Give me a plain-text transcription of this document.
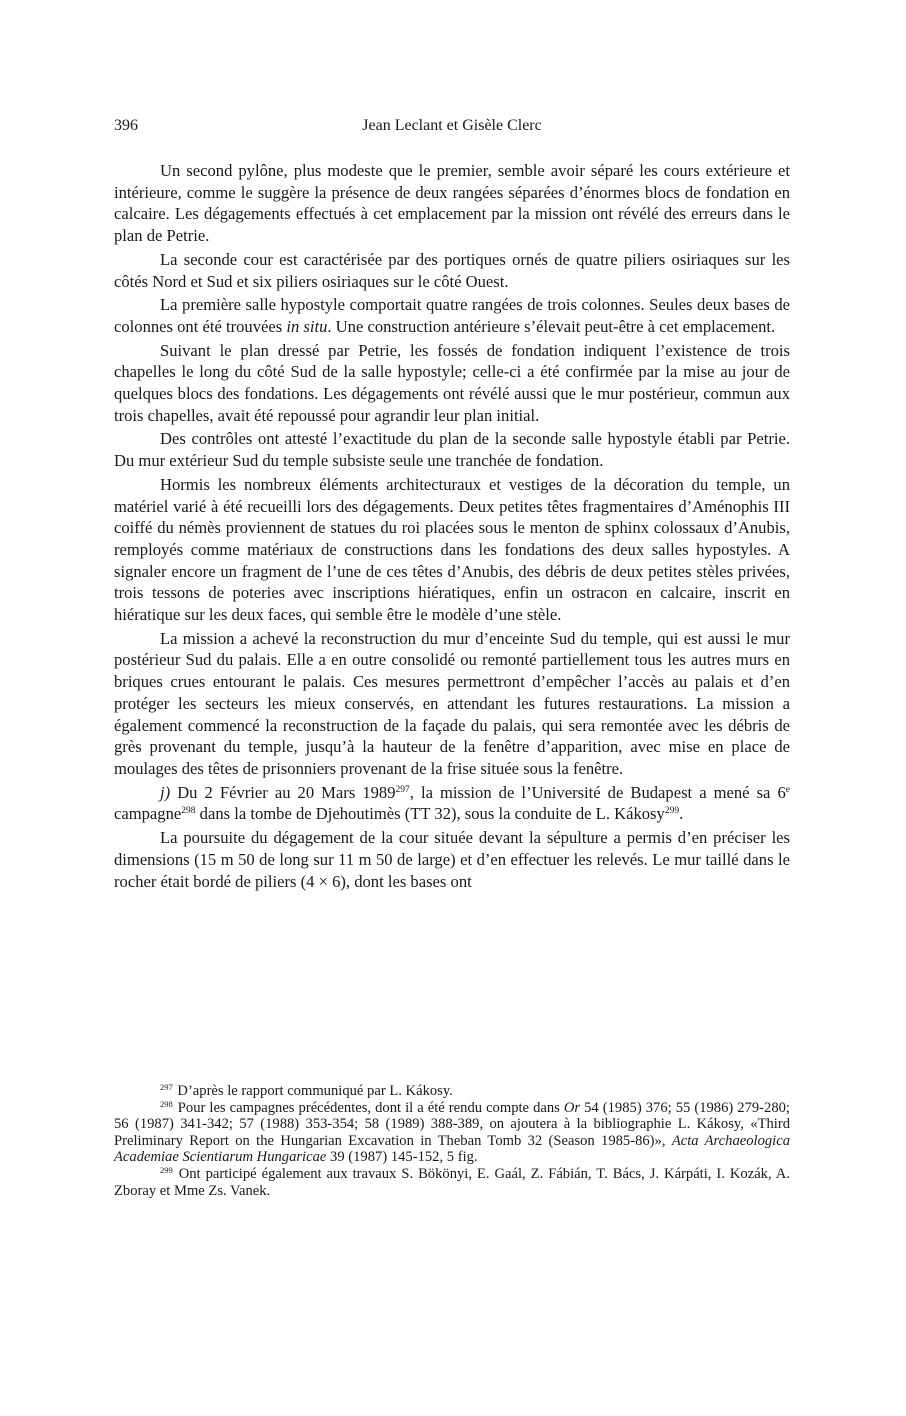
396	Jean Leclant et Gisèle Clerc

Un second pylône, plus modeste que le premier, semble avoir séparé les cours extérieure et intérieure, comme le suggère la présence de deux rangées séparées d’énormes blocs de fondation en calcaire. Les dégagements effectués à cet emplacement par la mission ont révélé des erreurs dans le plan de Petrie.

La seconde cour est caractérisée par des portiques ornés de quatre piliers osiriaques sur les côtés Nord et Sud et six piliers osiriaques sur le côté Ouest.

La première salle hypostyle comportait quatre rangées de trois colonnes. Seules deux bases de colonnes ont été trouvées in situ. Une construction antérieure s’élevait peut-être à cet emplacement.

Suivant le plan dressé par Petrie, les fossés de fondation indiquent l’existence de trois chapelles le long du côté Sud de la salle hypostyle; celle-ci a été confirmée par la mise au jour de quelques blocs des fondations. Les dégagements ont révélé aussi que le mur postérieur, commun aux trois chapelles, avait été repoussé pour agrandir leur plan initial.

Des contrôles ont attesté l’exactitude du plan de la seconde salle hypostyle établi par Petrie. Du mur extérieur Sud du temple subsiste seule une tranchée de fondation.

Hormis les nombreux éléments architecturaux et vestiges de la décoration du temple, un matériel varié à été recueilli lors des dégagements. Deux petites têtes fragmentaires d’Aménophis III coiffé du némès proviennent de statues du roi placées sous le menton de sphinx colossaux d’Anubis, remployés comme matériaux de constructions dans les fondations des deux salles hypostyles. A signaler encore un fragment de l’une de ces têtes d’Anubis, des débris de deux petites stèles privées, trois tessons de poteries avec inscriptions hiératiques, enfin un ostracon en calcaire, inscrit en hiératique sur les deux faces, qui semble être le modèle d’une stèle.

La mission a achevé la reconstruction du mur d’enceinte Sud du temple, qui est aussi le mur postérieur Sud du palais. Elle a en outre consolidé ou remonté partiellement tous les autres murs en briques crues entourant le palais. Ces mesures permettront d’empêcher l’accès au palais et d’en protéger les secteurs les mieux conservés, en attendant les futures restaurations. La mission a également commencé la reconstruction de la façade du palais, qui sera remontée avec les débris de grès provenant du temple, jusqu’à la hauteur de la fenêtre d’apparition, avec mise en place de moulages des têtes de prisonniers provenant de la frise située sous la fenêtre.

j) Du 2 Février au 20 Mars 1989$^{297}$, la mission de l’Université de Budapest a mené sa 6e campagne$^{298}$ dans la tombe de Djehoutimès (TT 32), sous la conduite de L. Kákosy$^{299}$.

La poursuite du dégagement de la cour située devant la sépulture a permis d’en préciser les dimensions (15 m 50 de long sur 11 m 50 de large) et d’en effectuer les relevés. Le mur taillé dans le rocher était bordé de piliers (4 × 6), dont les bases ont

$^{297}$ D’après le rapport communiqué par L. Kákosy.

$^{298}$ Pour les campagnes précédentes, dont il a été rendu compte dans Or 54 (1985) 376; 55 (1986) 279-280; 56 (1987) 341-342; 57 (1988) 353-354; 58 (1989) 388-389, on ajoutera à la bibliographie L. Kákosy, «Third Preliminary Report on the Hungarian Excavation in Theban Tomb 32 (Season 1985-86)», Acta Archaeologica Academiae Scientiarum Hungaricae 39 (1987) 145-152, 5 fig.

$^{299}$ Ont participé également aux travaux S. Bökönyi, E. Gaál, Z. Fábián, T. Bács, J. Kárpáti, I. Kozák, A. Zboray et Mme Zs. Vanek.
